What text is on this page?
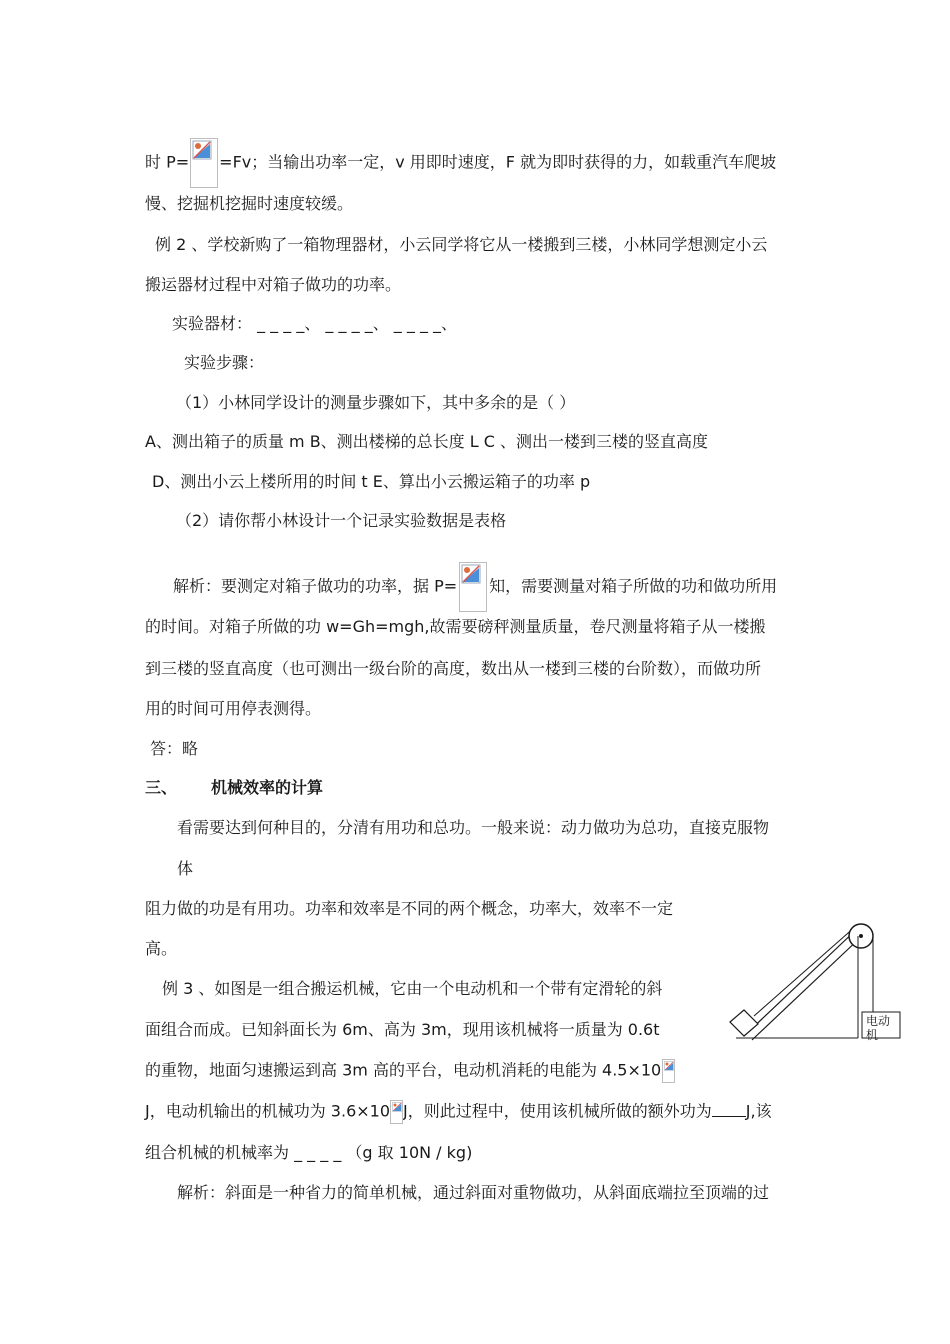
时 P= =Fv；当输出功率一定，v 用即时速度，F 就为即时获得的力，如载重汽车爬坡
慢、挖掘机挖掘时速度较缓。
例 2 、学校新购了一箱物理器材，小云同学将它从一楼搬到三楼，小林同学想测定小云
搬运器材过程中对箱子做功的功率。
实验器材： _ _ _ _、 _ _ _ _、 _ _ _ _、
实验步骤：
（1）小林同学设计的测量步骤如下，其中多余的是（ ）
A、测出箱子的质量 m B、测出楼梯的总长度 L C 、测出一楼到三楼的竖直高度
D、测出小云上楼所用的时间 t E、算出小云搬运箱子的功率 p
（2）请你帮小林设计一个记录实验数据是表格
解析：要测定对箱子做功的功率，据 P= 知，需要测量对箱子所做的功和做功所用
的时间。对箱子所做的功 w=Gh=mgh,故需要磅秤测量质量，卷尺测量将箱子从一楼搬
到三楼的竖直高度（也可测出一级台阶的高度，数出从一楼到三楼的台阶数），而做功所
用的时间可用停表测得。
答：略
三、 机械效率的计算
看需要达到何种目的，分清有用功和总功。一般来说：动力做功为总功，直接克服物
体
阻力做的功是有用功。功率和效率是不同的两个概念，功率大，效率不一定
高。
例 3 、如图是一组合搬运机械，它由一个电动机和一个带有定滑轮的斜
面组合而成。已知斜面长为 6m、高为 3m，现用该机械将一质量为 0.6t
的重物，地面匀速搬运到高 3m 高的平台，电动机消耗的电能为 4.5×10
J，电动机输出的机械功为 3.6×10 J，则此过程中，使用该机械所做的额外功为 J,该
组合机械的机械率为 _ _ _ _ （g 取 10N / kg)
解析：斜面是一种省力的简单机械，通过斜面对重物做功，从斜面底端拉至顶端的过
电动
机
